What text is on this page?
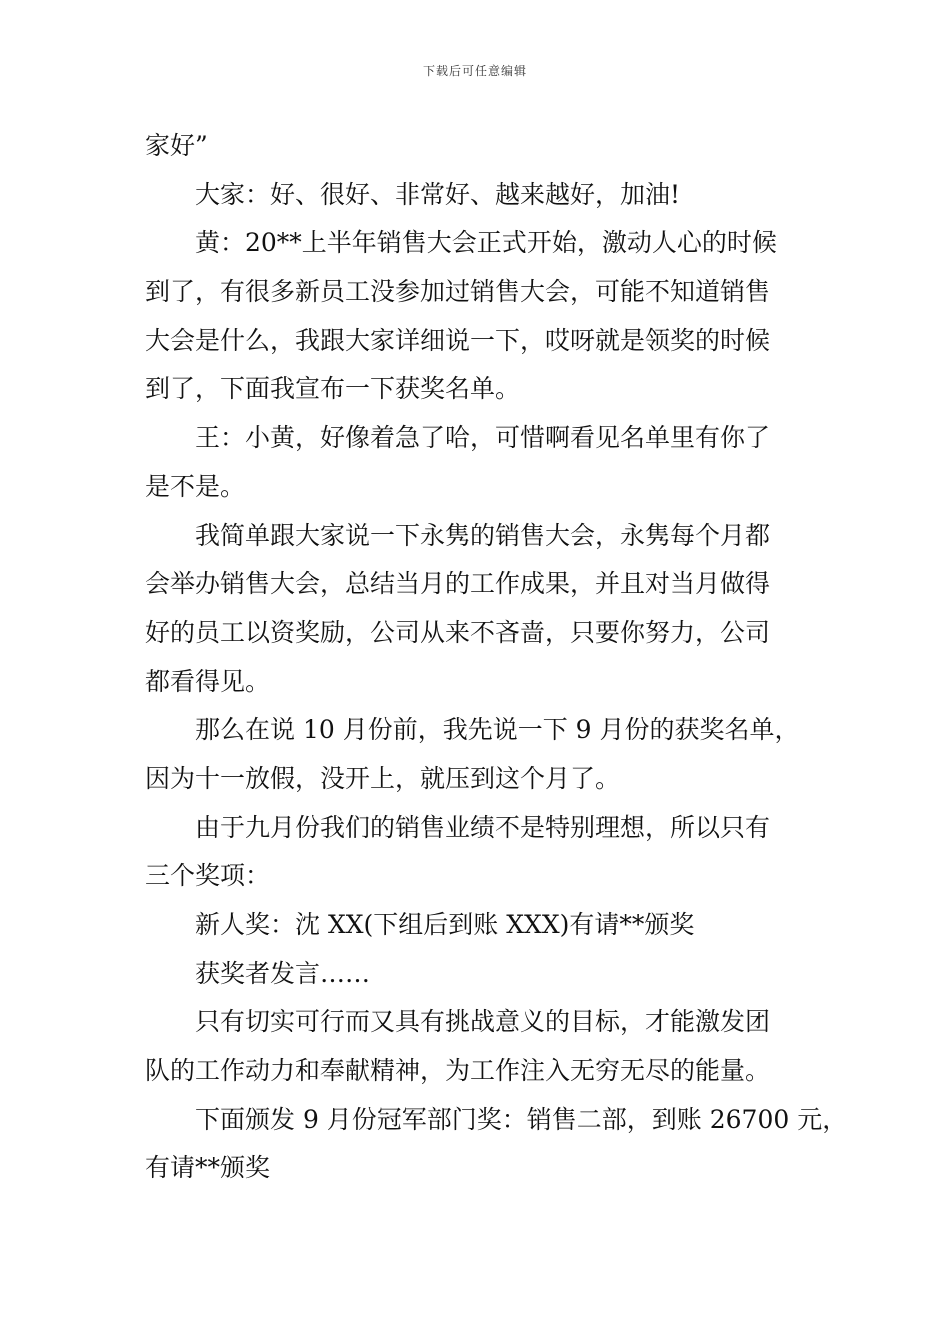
下载后可任意编辑
家好”
大家：好、很好、非常好、越来越好，加油!
黄：20**上半年销售大会正式开始，激动人心的时候
到了，有很多新员工没参加过销售大会，可能不知道销售
大会是什么，我跟大家详细说一下，哎呀就是领奖的时候
到了，下面我宣布一下获奖名单。
王：小黄，好像着急了哈，可惜啊看见名单里有你了
是不是。
我简单跟大家说一下永隽的销售大会，永隽每个月都
会举办销售大会，总结当月的工作成果，并且对当月做得
好的员工以资奖励，公司从来不吝啬，只要你努力，公司
都看得见。
那么在说 10 月份前，我先说一下 9 月份的获奖名单，
因为十一放假，没开上，就压到这个月了。
由于九月份我们的销售业绩不是特别理想，所以只有
三个奖项：
新人奖：沈 XX(下组后到账 XXX)有请**颁奖
获奖者发言……
只有切实可行而又具有挑战意义的目标，才能激发团
队的工作动力和奉献精神，为工作注入无穷无尽的能量。
下面颁发 9 月份冠军部门奖：销售二部，到账 26700 元，
有请**颁奖
